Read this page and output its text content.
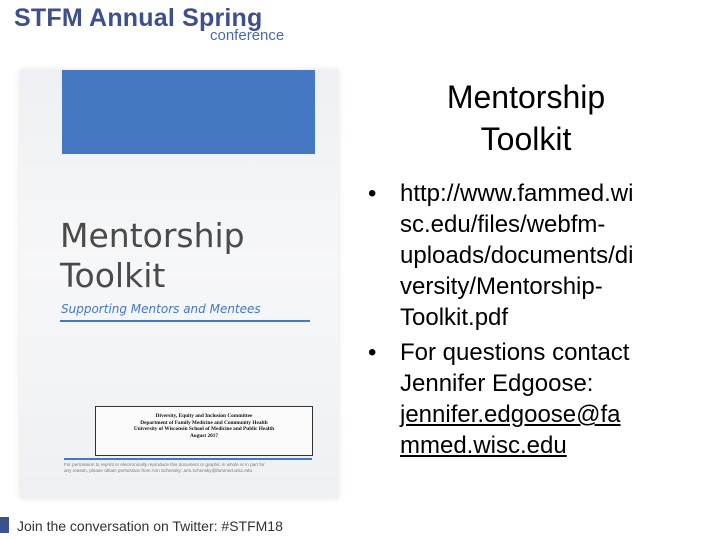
STFM Annual Spring
conference
Mentorship
Toolkit
Supporting Mentors and Mentees
Diversity, Equity and Inclusion Committee
Department of Family Medicine and Community Health
University of Wisconsin School of Medicine and Public Health
August 2017
For permission to reprint or electronically reproduce this document or graphic in whole or in part for
any reason, please obtain permission from Ann Schensky: ann.schensky@fammed.wisc.edu
Mentorship
Toolkit
• http://www.fammed.wi
sc.edu/files/webfm-
uploads/documents/di
versity/Mentorship-
Toolkit.pdf
• For questions contact
Jennifer Edgoose:
jennifer.edgoose@fa
mmed.wisc.edu
Join the conversation on Twitter: #STFM18
